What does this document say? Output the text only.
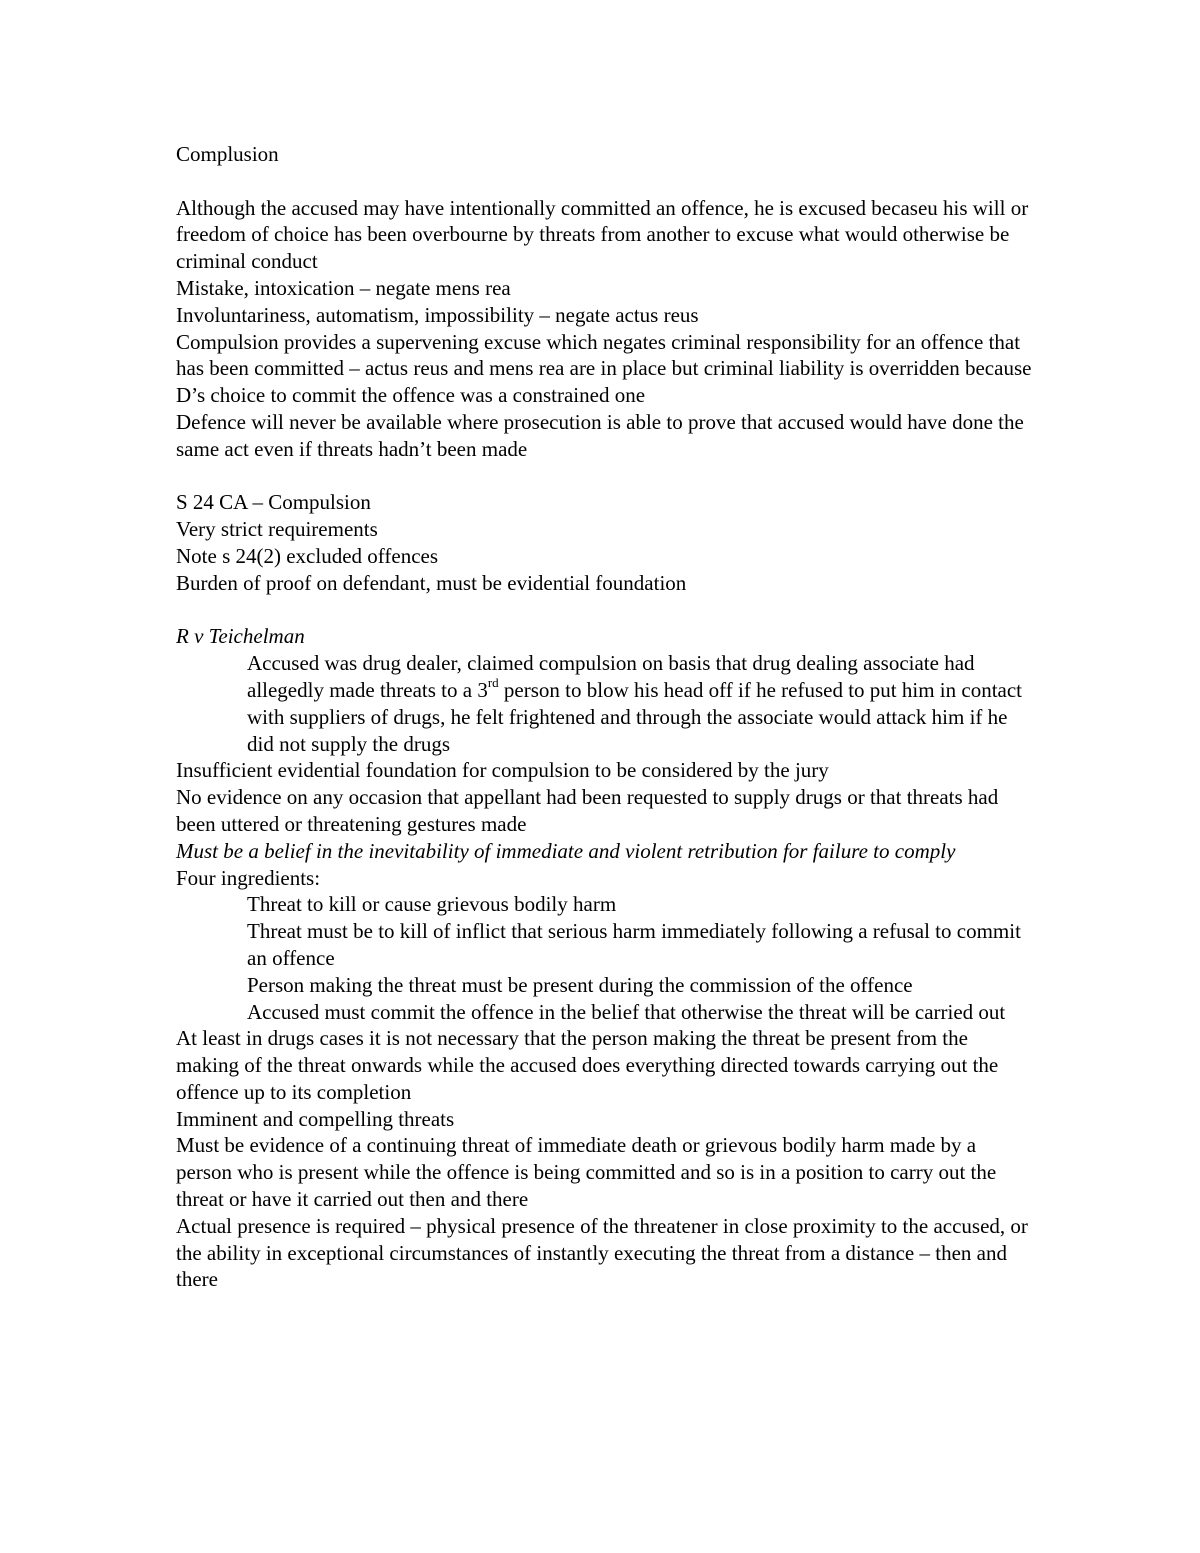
Complusion
Although the accused may have intentionally committed an offence, he is excused becaseu his will or freedom of choice has been overbourne by threats from another to excuse what would otherwise be criminal conduct
Mistake, intoxication – negate mens rea
Involuntariness, automatism, impossibility – negate actus reus
Compulsion provides a supervening excuse which negates criminal responsibility for an offence that has been committed – actus reus and mens rea are in place but criminal liability is overridden because D’s choice to commit the offence was a constrained one
Defence will never be available where prosecution is able to prove that accused would have done the same act even if threats hadn’t been made
S 24 CA – Compulsion
Very strict requirements
Note s 24(2) excluded offences
Burden of proof on defendant, must be evidential foundation
R v Teichelman
Accused was drug dealer, claimed compulsion on basis that drug dealing associate had allegedly made threats to a 3rd person to blow his head off if he refused to put him in contact with suppliers of drugs, he felt frightened and through the associate would attack him if he did not supply the drugs
Insufficient evidential foundation for compulsion to be considered by the jury
No evidence on any occasion that appellant had been requested to supply drugs or that threats had been uttered or threatening gestures made
Must be a belief in the inevitability of immediate and violent retribution for failure to comply
Four ingredients:
Threat to kill or cause grievous bodily harm
Threat must be to kill of inflict that serious harm immediately following a refusal to commit an offence
Person making the threat must be present during the commission of the offence
Accused must commit the offence in the belief that otherwise the threat will be carried out
At least in drugs cases it is not necessary that the person making the threat be present from the making of the threat onwards while the accused does everything directed towards carrying out the offence up to its completion
Imminent and compelling threats
Must be evidence of a continuing threat of immediate death or grievous bodily harm made by a person who is present while the offence is being committed and so is in a position to carry out the threat or have it carried out then and there
Actual presence is required – physical presence of the threatener in close proximity to the accused, or the ability in exceptional circumstances of instantly executing the threat from a distance – then and there
